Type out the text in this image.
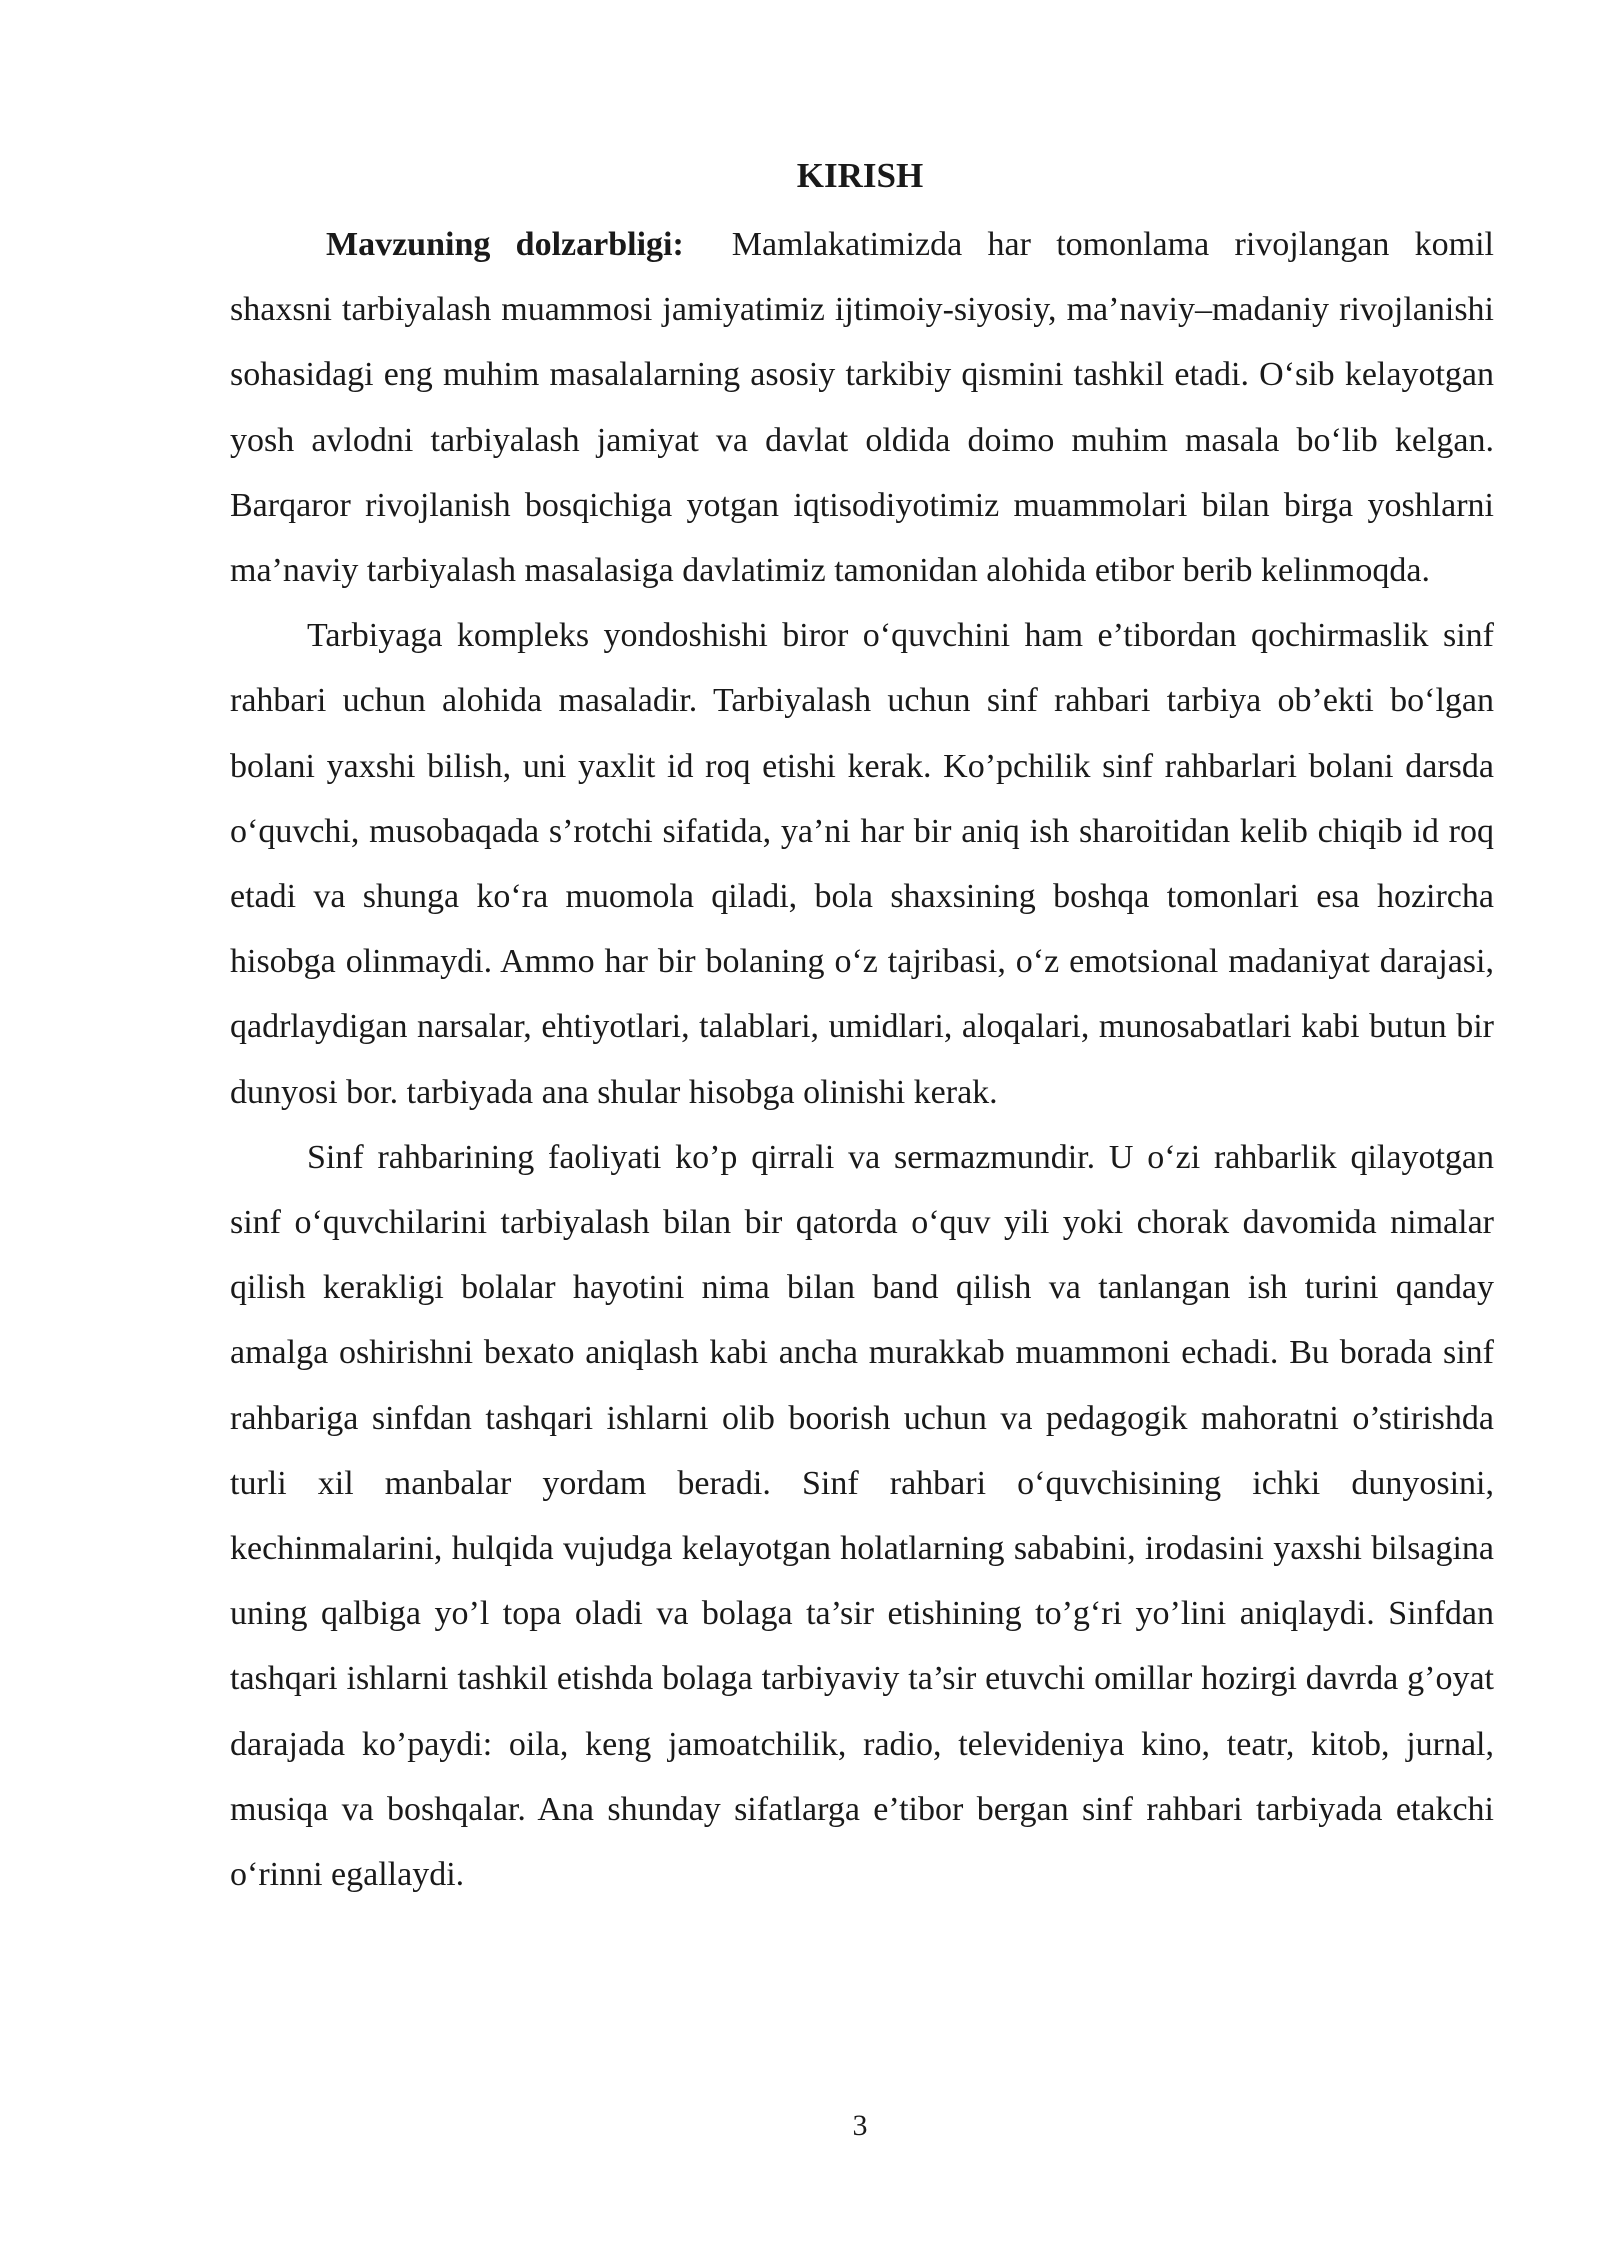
KIRISH

Mavzuning dolzarbligi: Mamlakatimizda har tomonlama rivojlangan komil shaxsni tarbiyalash muammosi jamiyatimiz ijtimoiy-siyosiy, ma’naviy–madaniy rivojlanishi sohasidagi eng muhim masalalarning asosiy tarkibiy qismini tashkil etadi. O‘sib kelayotgan yosh avlodni tarbiyalash jamiyat va davlat oldida doimo muhim masala bo‘lib kelgan. Barqaror rivojlanish bosqichiga yotgan iqtisodiyotimiz muammolari bilan birga yoshlarni ma’naviy tarbiyalash masalasiga davlatimiz tamonidan alohida etibor berib kelinmoqda.

Tarbiyaga kompleks yondoshishi biror o‘quvchini ham e’tibordan qochirmaslik sinf rahbari uchun alohida masaladir. Tarbiyalash uchun sinf rahbari tarbiya ob’ekti bo‘lgan bolani yaxshi bilish, uni yaxlit id roq etishi kerak. Ko’pchilik sinf rahbarlari bolani darsda o‘quvchi, musobaqada s’rotchi sifatida, ya’ni har bir aniq ish sharoitidan kelib chiqib id roq etadi va shunga ko‘ra muomola qiladi, bola shaxsining boshqa tomonlari esa hozircha hisobga olinmaydi. Ammo har bir bolaning o‘z tajribasi, o‘z emotsional madaniyat darajasi, qadrlaydigan narsalar, ehtiyotlari, talablari, umidlari, aloqalari, munosabatlari kabi butun bir dunyosi bor. tarbiyada ana shular hisobga olinishi kerak.

Sinf rahbarining faoliyati ko’p qirrali va sermazmundir. U o‘zi rahbarlik qilayotgan sinf o‘quvchilarini tarbiyalash bilan bir qatorda o‘quv yili yoki chorak davomida nimalar qilish kerakligi bolalar hayotini nima bilan band qilish va tanlangan ish turini qanday amalga oshirishni bexato aniqlash kabi ancha murakkab muammoni echadi. Bu borada sinf rahbariga sinfdan tashqari ishlarni olib boorish uchun va pedagogik mahoratni o’stirishda turli xil manbalar yordam beradi. Sinf rahbari o‘quvchisining ichki dunyosini, kechinmalarini, hulqida vujudga kelayotgan holatlarning sababini, irodasini yaxshi bilsagina uning qalbiga yo’l topa oladi va bolaga ta’sir etishining to’g‘ri yo’lini aniqlaydi. Sinfdan tashqari ishlarni tashkil etishda bolaga tarbiyaviy ta’sir etuvchi omillar hozirgi davrda g’oyat darajada ko’paydi: oila, keng jamoatchilik, radio, televideniya kino, teatr, kitob, jurnal, musiqa va boshqalar. Ana shunday sifatlarga e’tibor bergan sinf rahbari tarbiyada etakchi o‘rinni egallaydi.

3
